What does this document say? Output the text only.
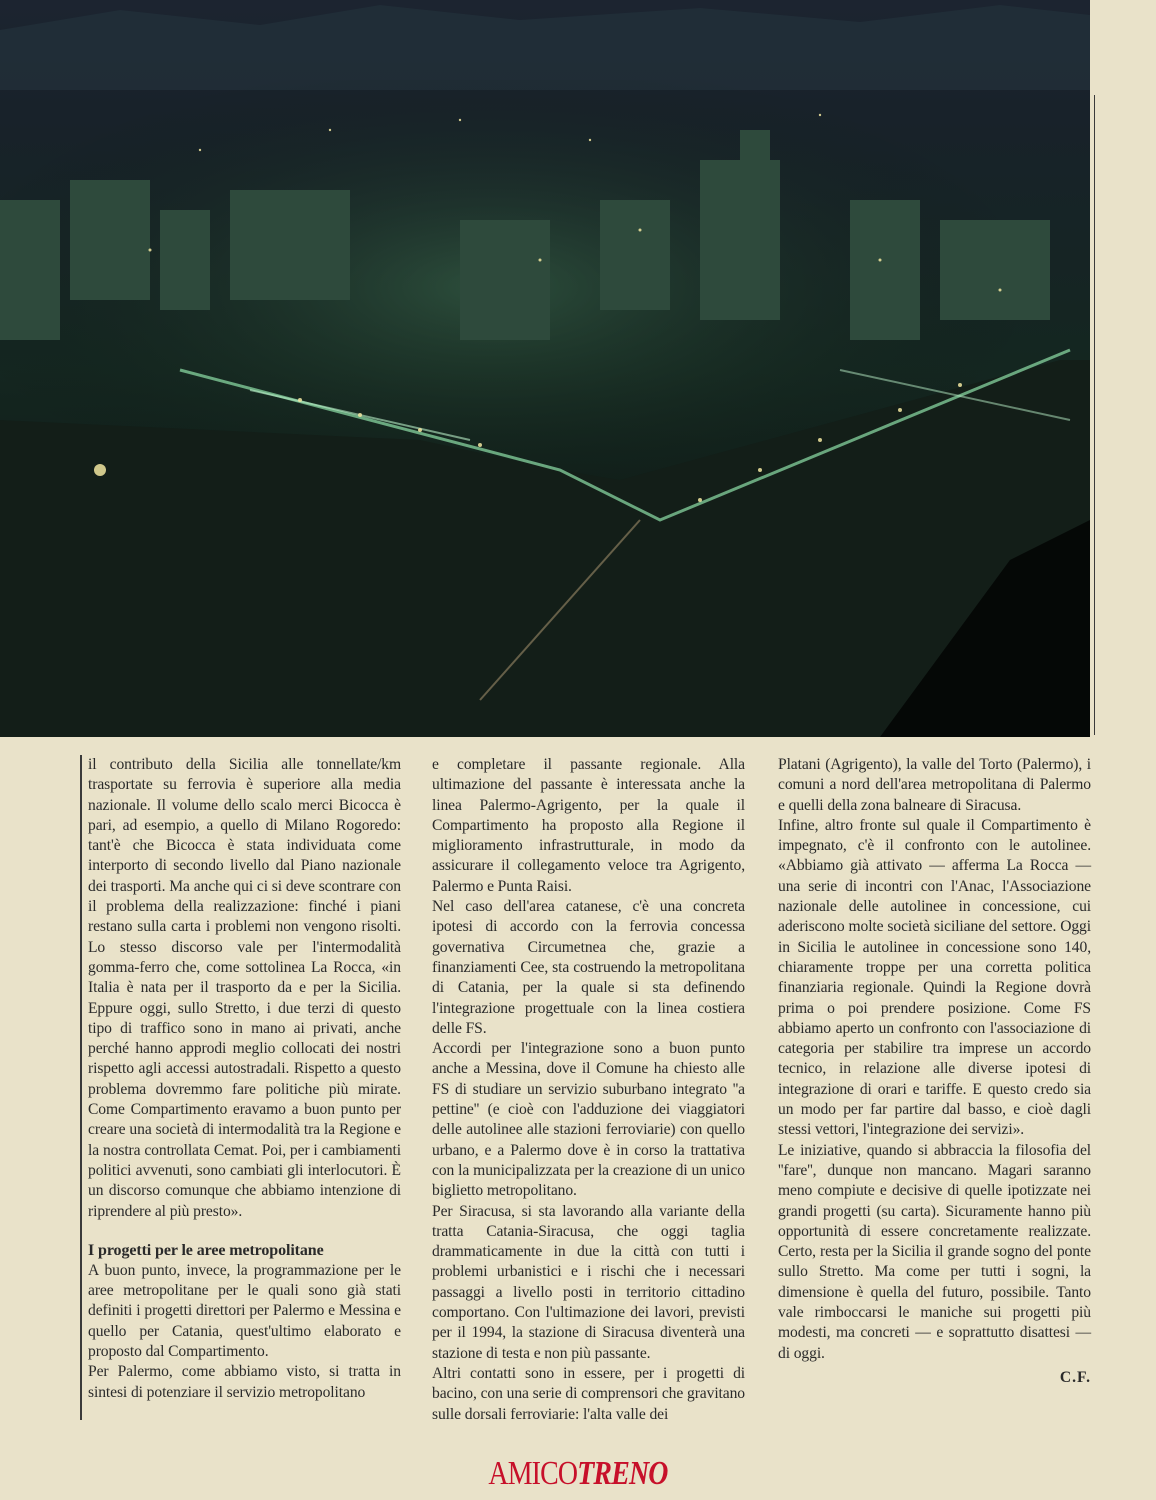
il contributo della Sicilia alle tonnellate/km trasportate su ferrovia è superiore alla media nazionale. Il volume dello scalo merci Bicocca è pari, ad esempio, a quello di Milano Rogoredo: tant'è che Bicocca è stata individuata come interporto di secondo livello dal Piano nazionale dei trasporti. Ma anche qui ci si deve scontrare con il problema della realizzazione: finché i piani restano sulla carta i problemi non vengono risolti. Lo stesso discorso vale per l'intermodalità gomma-ferro che, come sottolinea La Rocca, «in Italia è nata per il trasporto da e per la Sicilia. Eppure oggi, sullo Stretto, i due terzi di questo tipo di traffico sono in mano ai privati, anche perché hanno approdi meglio collocati dei nostri rispetto agli accessi autostradali. Rispetto a questo problema dovremmo fare politiche più mirate. Come Compartimento eravamo a buon punto per creare una società di intermodalità tra la Regione e la nostra controllata Cemat. Poi, per i cambiamenti politici avvenuti, sono cambiati gli interlocutori. È un discorso comunque che abbiamo intenzione di riprendere al più presto».

I progetti per le aree metropolitane

A buon punto, invece, la programmazione per le aree metropolitane per le quali sono già stati definiti i progetti direttori per Palermo e Messina e quello per Catania, quest'ultimo elaborato e proposto dal Compartimento.

Per Palermo, come abbiamo visto, si tratta in sintesi di potenziare il servizio metropolitano

e completare il passante regionale. Alla ultimazione del passante è interessata anche la linea Palermo-Agrigento, per la quale il Compartimento ha proposto alla Regione il miglioramento infrastrutturale, in modo da assicurare il collegamento veloce tra Agrigento, Palermo e Punta Raisi.

Nel caso dell'area catanese, c'è una concreta ipotesi di accordo con la ferrovia concessa governativa Circumetnea che, grazie a finanziamenti Cee, sta costruendo la metropolitana di Catania, per la quale si sta definendo l'integrazione progettuale con la linea costiera delle FS.

Accordi per l'integrazione sono a buon punto anche a Messina, dove il Comune ha chiesto alle FS di studiare un servizio suburbano integrato ''a pettine'' (e cioè con l'adduzione dei viaggiatori delle autolinee alle stazioni ferroviarie) con quello urbano, e a Palermo dove è in corso la trattativa con la municipalizzata per la creazione di un unico biglietto metropolitano.

Per Siracusa, si sta lavorando alla variante della tratta Catania-Siracusa, che oggi taglia drammaticamente in due la città con tutti i problemi urbanistici e i rischi che i necessari passaggi a livello posti in territorio cittadino comportano. Con l'ultimazione dei lavori, previsti per il 1994, la stazione di Siracusa diventerà una stazione di testa e non più passante.

Altri contatti sono in essere, per i progetti di bacino, con una serie di comprensori che gravitano sulle dorsali ferroviarie: l'alta valle dei

Platani (Agrigento), la valle del Torto (Palermo), i comuni a nord dell'area metropolitana di Palermo e quelli della zona balneare di Siracusa.

Infine, altro fronte sul quale il Compartimento è impegnato, c'è il confronto con le autolinee. «Abbiamo già attivato — afferma La Rocca — una serie di incontri con l'Anac, l'Associazione nazionale delle autolinee in concessione, cui aderiscono molte società siciliane del settore. Oggi in Sicilia le autolinee in concessione sono 140, chiaramente troppe per una corretta politica finanziaria regionale. Quindi la Regione dovrà prima o poi prendere posizione. Come FS abbiamo aperto un confronto con l'associazione di categoria per stabilire tra imprese un accordo tecnico, in relazione alle diverse ipotesi di integrazione di orari e tariffe. E questo credo sia un modo per far partire dal basso, e cioè dagli stessi vettori, l'integrazione dei servizi».

Le iniziative, quando si abbraccia la filosofia del ''fare'', dunque non mancano. Magari saranno meno compiute e decisive di quelle ipotizzate nei grandi progetti (su carta). Sicuramente hanno più opportunità di essere concretamente realizzate. Certo, resta per la Sicilia il grande sogno del ponte sullo Stretto. Ma come per tutti i sogni, la dimensione è quella del futuro, possibile. Tanto vale rimboccarsi le maniche sui progetti più modesti, ma concreti — e soprattutto disattesi — di oggi.

C.F.
AMICOTRENO
